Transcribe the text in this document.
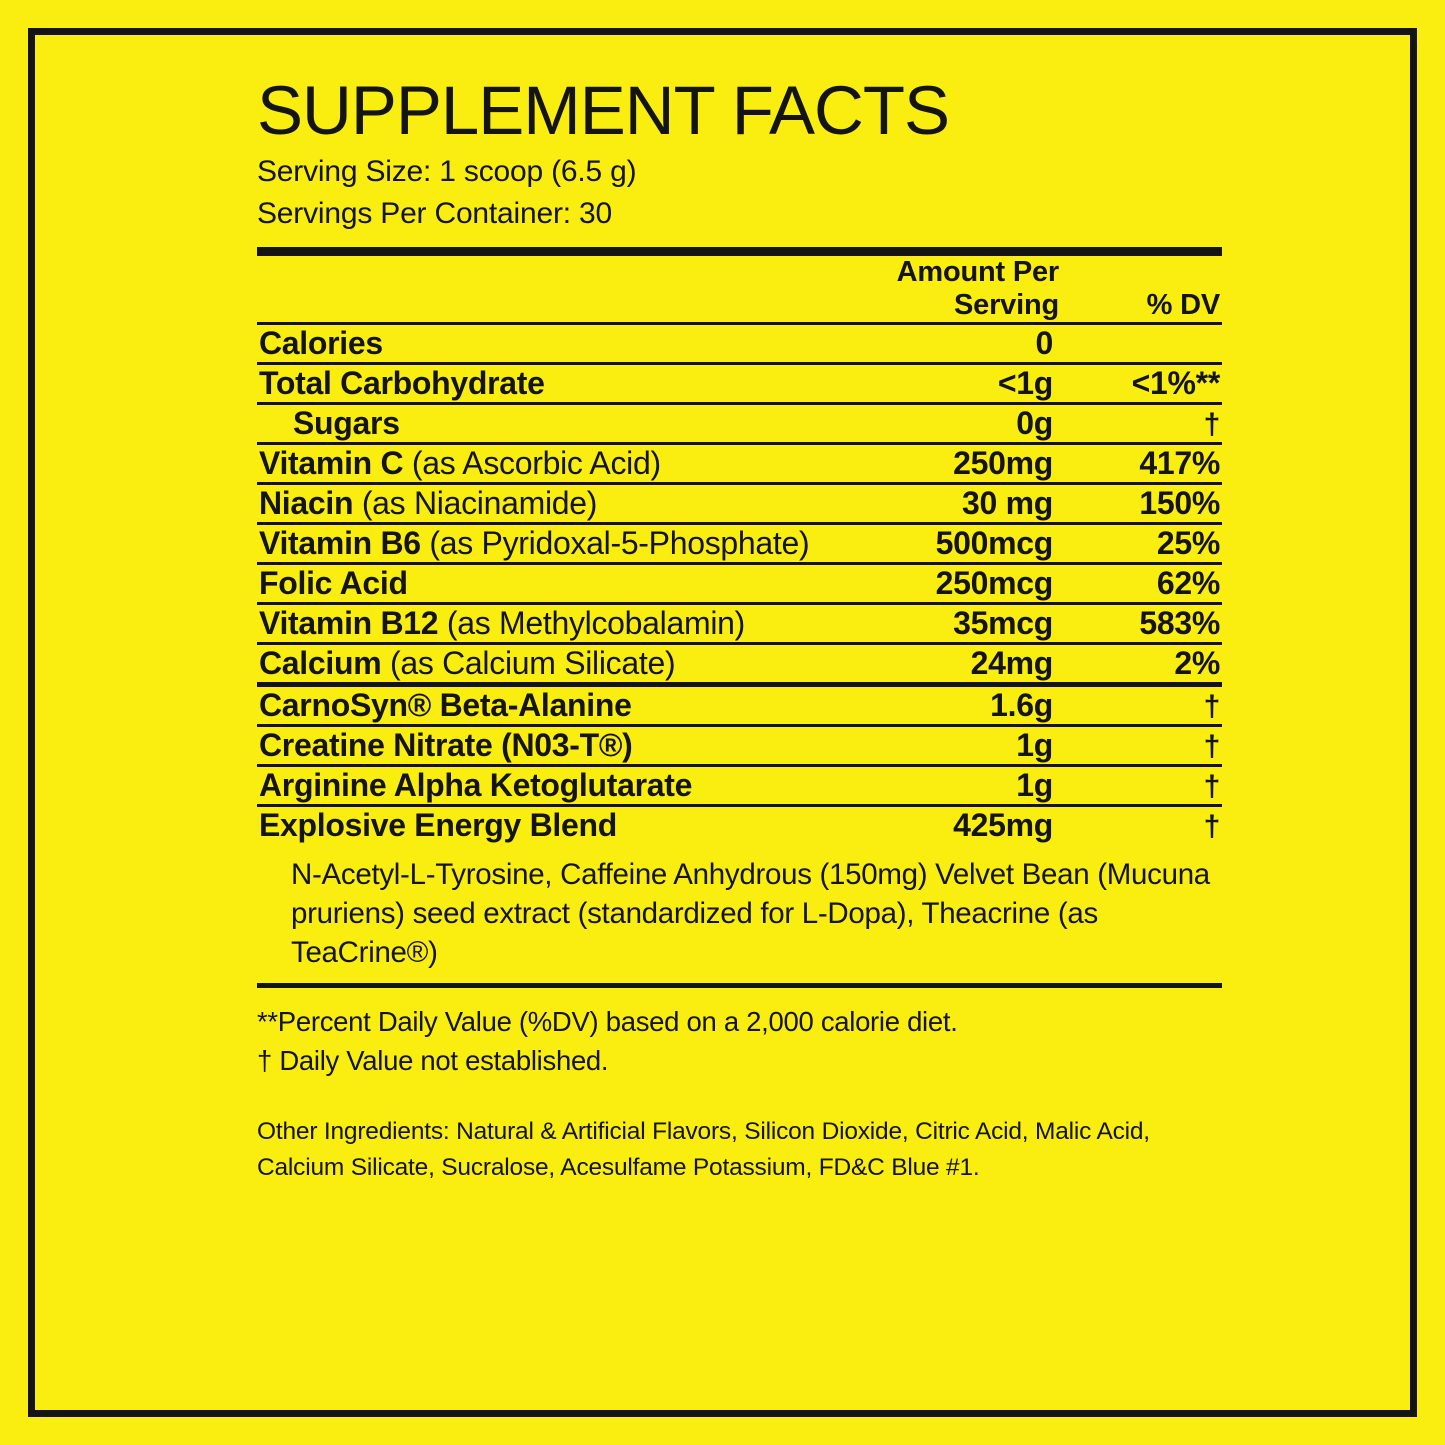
SUPPLEMENT FACTS
Serving Size: 1 scoop (6.5 g)
Servings Per Container: 30
	Amount Per Serving	% DV
Calories	0	
Total Carbohydrate	<1g	<1%**
Sugars	0g	†
Vitamin C (as Ascorbic Acid)	250mg	417%
Niacin (as Niacinamide)	30 mg	150%
Vitamin B6 (as Pyridoxal-5-Phosphate)	500mcg	25%
Folic Acid	250mcg	62%
Vitamin B12 (as Methylcobalamin)	35mcg	583%
Calcium (as Calcium Silicate)	24mg	2%
CarnoSyn® Beta-Alanine	1.6g	†
Creatine Nitrate (N03-T®)	1g	†
Arginine Alpha Ketoglutarate	1g	†
Explosive Energy Blend	425mg	†
N-Acetyl-L-Tyrosine, Caffeine Anhydrous (150mg) Velvet Bean (Mucuna pruriens) seed extract (standardized for L-Dopa), Theacrine (as TeaCrine®)
**Percent Daily Value (%DV) based on a 2,000 calorie diet.
† Daily Value not established.
Other Ingredients: Natural & Artificial Flavors, Silicon Dioxide, Citric Acid, Malic Acid, Calcium Silicate, Sucralose, Acesulfame Potassium, FD&C Blue #1.
